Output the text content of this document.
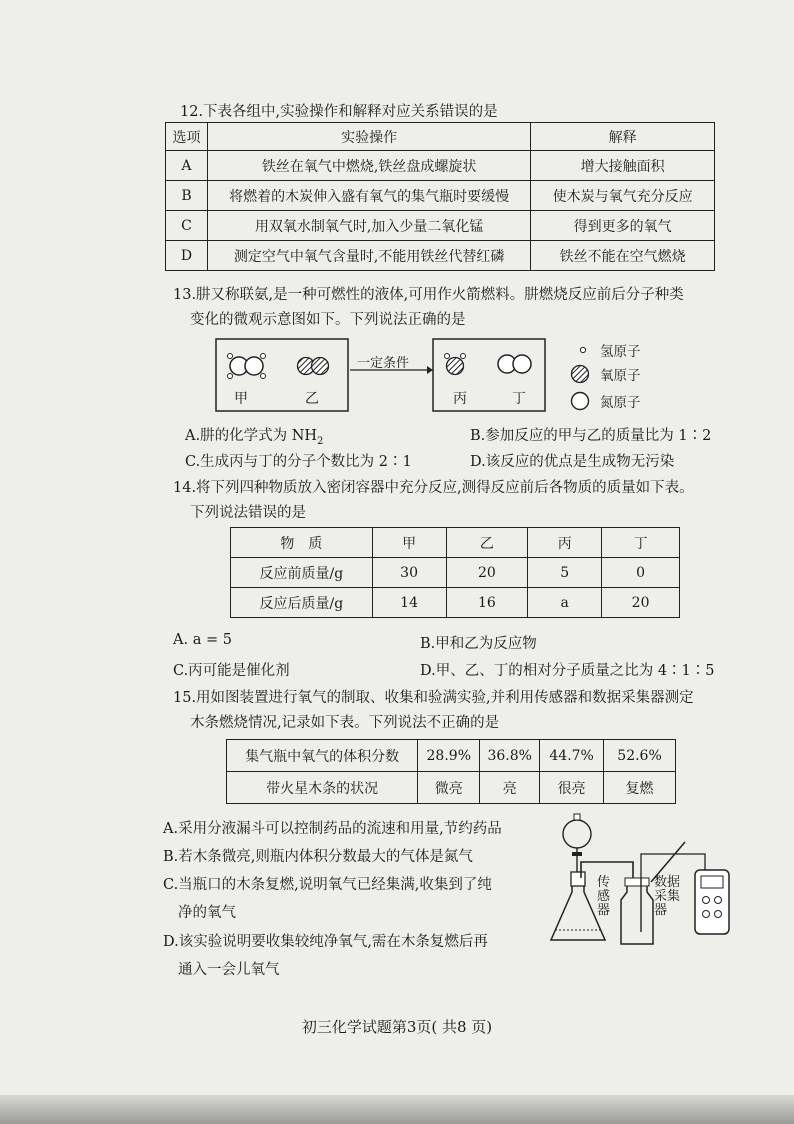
12.下表各组中,实验操作和解释对应关系错误的是
选项	实验操作	解释
A	铁丝在氧气中燃烧,铁丝盘成螺旋状	增大接触面积
B	将燃着的木炭伸入盛有氧气的集气瓶时要缓慢	使木炭与氧气充分反应
C	用双氧水制氧气时,加入少量二氧化锰	得到更多的氧气
D	测定空气中氧气含量时,不能用铁丝代替红磷	铁丝不能在空气燃烧
13.肼又称联氨,是一种可燃性的液体,可用作火箭燃料。肼燃烧反应前后分子种类
变化的微观示意图如下。下列说法正确的是
甲	乙
一定条件
丙	丁
氢原子
氧原子
氮原子
A.肼的化学式为 $NH_2$	B.参加反应的甲与乙的质量比为 1∶2
C.生成丙与丁的分子个数比为 2∶1	D.该反应的优点是生成物无污染
14.将下列四种物质放入密闭容器中充分反应,测得反应前后各物质的质量如下表。
下列说法错误的是
物　质	甲	乙	丙	丁
反应前质量/g	30	20	5	0
反应后质量/g	14	16	a	20
A. a = 5	B.甲和乙为反应物
C.丙可能是催化剂	D.甲、乙、丁的相对分子质量之比为 4∶1∶5
15.用如图装置进行氧气的制取、收集和验满实验,并利用传感器和数据采集器测定
木条燃烧情况,记录如下表。下列说法不正确的是
集气瓶中氧气的体积分数	28.9%	36.8%	44.7%	52.6%
带火星木条的状况	微亮	亮	很亮	复燃
A.采用分液漏斗可以控制药品的流速和用量,节约药品
B.若木条微亮,则瓶内体积分数最大的气体是氮气
C.当瓶口的木条复燃,说明氧气已经集满,收集到了纯
净的氧气
D.该实验说明要收集较纯净氧气,需在木条复燃后再
通入一会儿氧气
传
感
器
数据
采集
器
初三化学试题第3页( 共8 页)
